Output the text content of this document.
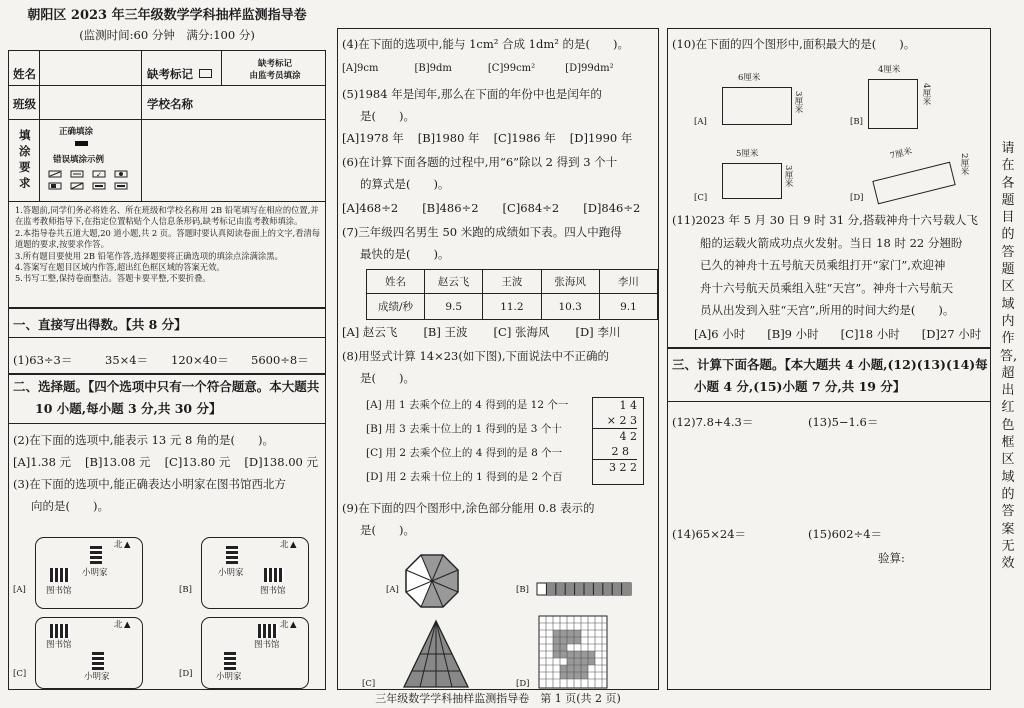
朝阳区 2023 年三年级数学学科抽样监测指导卷
(监测时间:60 分钟　满分:100 分)
姓名	缺考标记
缺考标记
由监考员填涂
班级	学校名称
填
涂
要
求
正确填涂
错误填涂示例
✓
1.答题前,同学们务必将姓名、所在班级和学校名称用 2B 铅笔填写在相应的位置,并在监考教师指导下,在指定位置粘贴个人信息条形码,缺考标记由监考教师填涂。
2.本指导卷共五道大题,20 道小题,共 2 页。答题时要认真阅读卷面上的文字,看清每道题的要求,按要求作答。
3.所有题目要使用 2B 铅笔作答,选择题要将正确选项的填涂点涂满涂黑。
4.答案写在题目区域内作答,超出红色框区域的答案无效。
5.书写工整,保持卷面整洁。答题卡要平整,不要折叠。
一、直接写出得数。【共 8 分】
(1)63÷3＝	35×4＝ 120×40＝ 5600÷8＝
二、选择题。【四个选项中只有一个符合题意。本大题共
10 小题,每小题 3 分,共 30 分】
(2)在下面的选项中,能表示 13 元 8 角的是(　　)。
[A]1.38 元 [B]13.08 元 [C]13.80 元 [D]138.00 元
(3)在下面的选项中,能正确表达小明家在图书馆西北方
向的是(　　)。
[A]
▲
北
小明家
图书馆	[B]
▲
北
小明家
图书馆
[C]
▲
北
图书馆
小明家	[D]
▲
北
图书馆
小明家
(4)在下面的选项中,能与 1cm² 合成 1dm² 的是(　　)。
[A]9cm	[B]9dm	[C]99cm²	[D]99dm²
(5)1984 年是闰年,那么在下面的年份中也是闰年的
是(　　)。
[A]1978 年 [B]1980 年 [C]1986 年 [D]1990 年
(6)在计算下面各题的过程中,用“6”除以 2 得到 3 个十
的算式是(　　)。
[A]468÷2 [B]486÷2 [C]684÷2 [D]846÷2
(7)三年级四名男生 50 米跑的成绩如下表。四人中跑得
最快的是(　　)。
姓名	赵云飞	王波	张海风	李川
成绩/秒	9.5	11.2	10.3	9.1
[A] 赵云飞 [B] 王波 [C] 张海风 [D] 李川
(8)用竖式计算 14×23(如下图),下面说法中不正确的
是(　　)。
[A] 用 1 去乘个位上的 4 得到的是 12 个一
[B] 用 3 去乘十位上的 1 得到的是 3 个十
[C] 用 2 去乘个位上的 4 得到的是 8 个一
[D] 用 2 去乘十位上的 1 得到的是 2 个百
1 4
× 2 3
4 2
2 8
3 2 2
(9)在下面的四个图形中,涂色部分能用 0.8 表示的
是(　　)。
[A]	[B]
[C]	[D]
(10)在下面的四个图形中,面积最大的是(　　)。
[A]
6厘米
3厘米
[B]
4厘米
4厘米
[C]
5厘米
3厘米
[D]
7厘米	2厘米
(11)2023 年 5 月 30 日 9 时 31 分,搭载神舟十六号载人飞
船的运载火箭成功点火发射。当日 18 时 22 分翘盼
已久的神舟十五号航天员乘组打开“家门”,欢迎神
舟十六号航天员乘组入驻“天宫”。神舟十六号航天
员从出发到入驻“天宫”,所用的时间大约是(　　)。
[A]6 小时 [B]9 小时 [C]18 小时 [D]27 小时
三、计算下面各题。【本大题共 4 小题,(12)(13)(14)每
小题 4 分,(15)小题 7 分,共 19 分】
(12)7.8+4.3＝	(13)5−1.6＝
(14)65×24＝	(15)602÷4＝
验算:
请在各题目的答题区域内作答,超出红色框区域的答案无效
三年级数学学科抽样监测指导卷　第 1 页(共 2 页)
